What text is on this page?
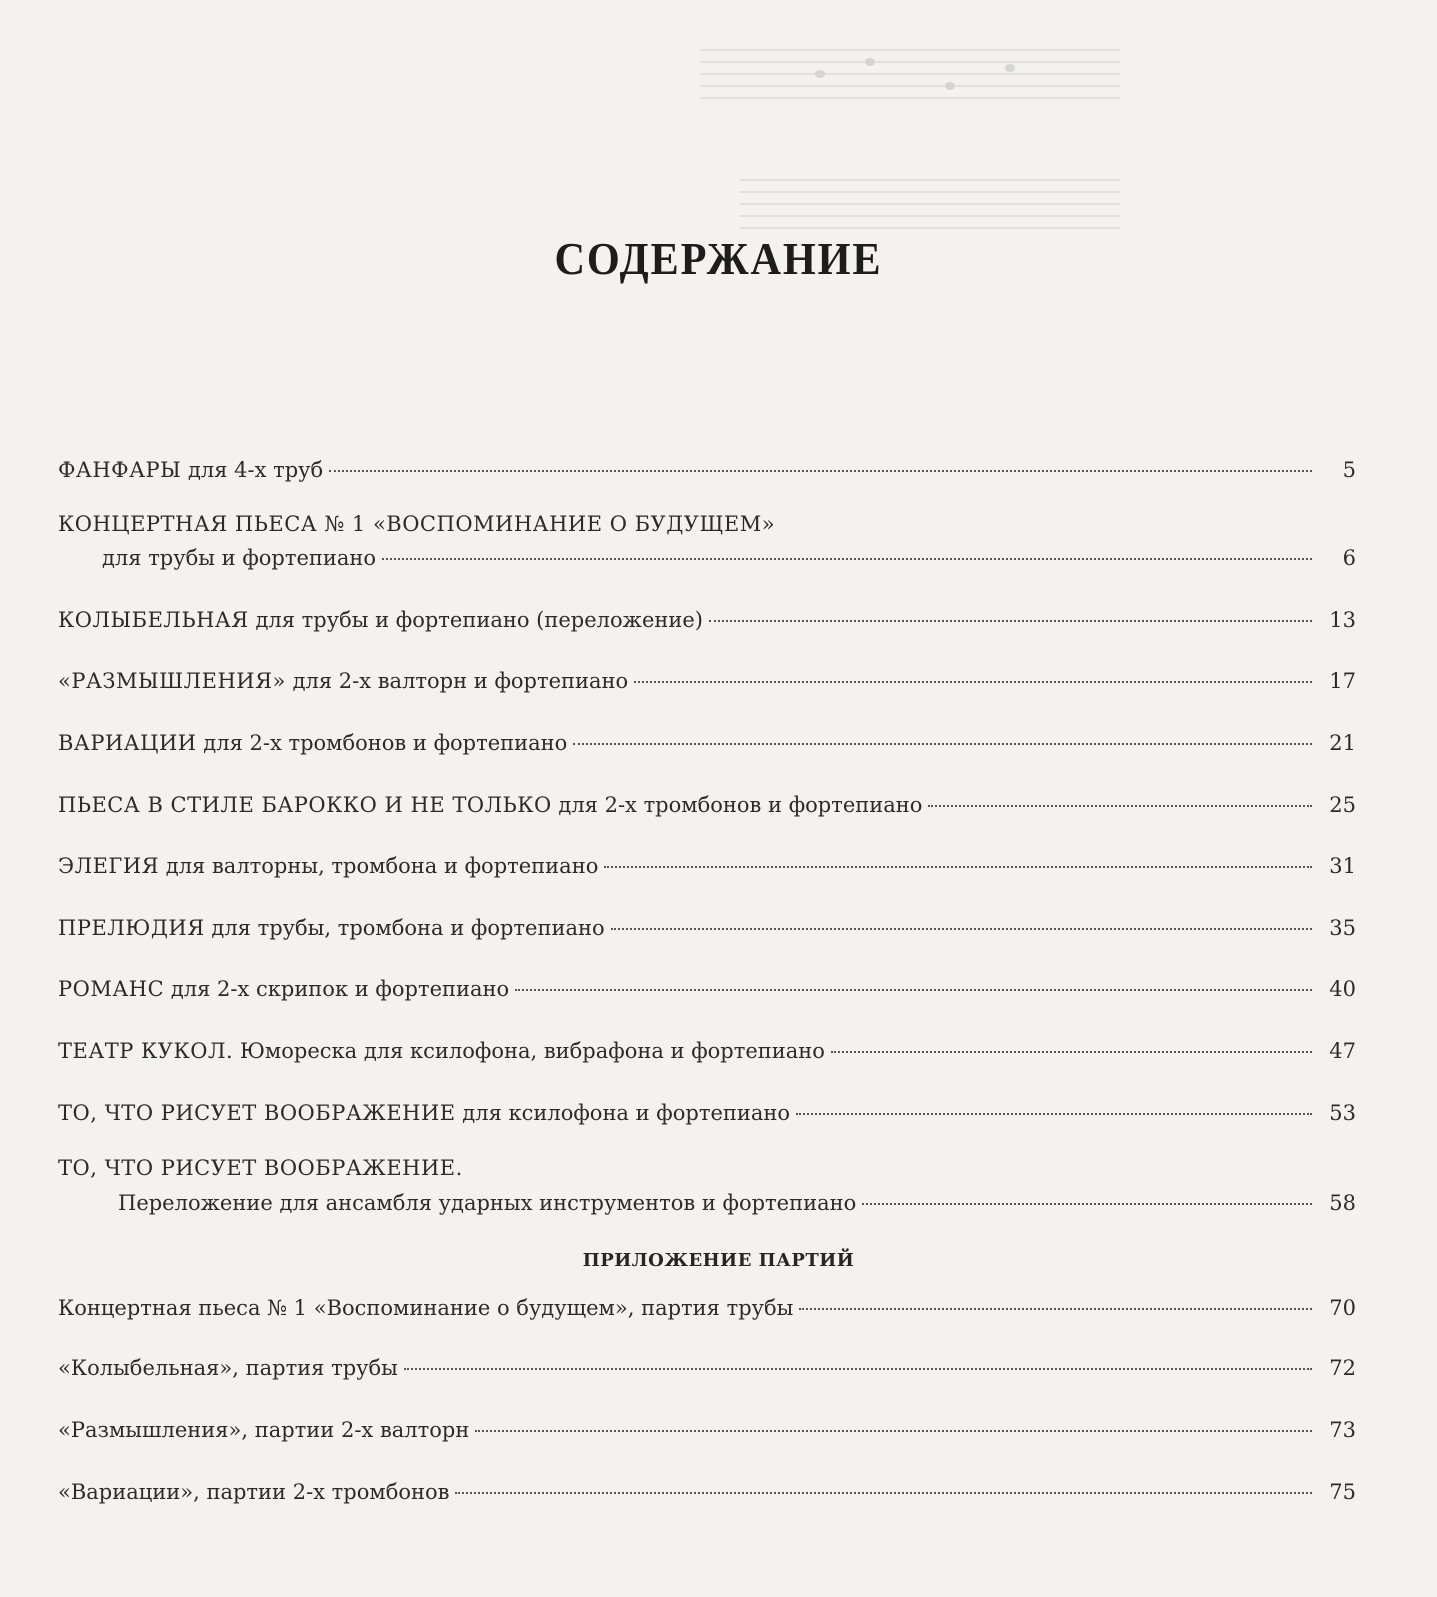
СОДЕРЖАНИЕ
ФАНФАРЫ для 4-х труб	5
КОНЦЕРТНАЯ ПЬЕСА № 1 «ВОСПОМИНАНИЕ О БУДУЩЕМ»
для трубы и фортепиано	6
КОЛЫБЕЛЬНАЯ для трубы и фортепиано (переложение)	13
«РАЗМЫШЛЕНИЯ» для 2-х валторн и фортепиано	17
ВАРИАЦИИ для 2-х тромбонов и фортепиано	21
ПЬЕСА В СТИЛЕ БАРОККО И НЕ ТОЛЬКО для 2-х тромбонов и фортепиано	25
ЭЛЕГИЯ для валторны, тромбона и фортепиано	31
ПРЕЛЮДИЯ для трубы, тромбона и фортепиано	35
РОМАНС для 2-х скрипок и фортепиано	40
ТЕАТР КУКОЛ. Юмореска для ксилофона, вибрафона и фортепиано	47
ТО, ЧТО РИСУЕТ ВООБРАЖЕНИЕ для ксилофона и фортепиано	53
ТО, ЧТО РИСУЕТ ВООБРАЖЕНИЕ.
Переложение для ансамбля ударных инструментов и фортепиано	58
ПРИЛОЖЕНИЕ ПАРТИЙ
Концертная пьеса № 1 «Воспоминание о будущем», партия трубы	70
«Колыбельная», партия трубы	72
«Размышления», партии 2-х валторн	73
«Вариации», партии 2-х тромбонов	75
